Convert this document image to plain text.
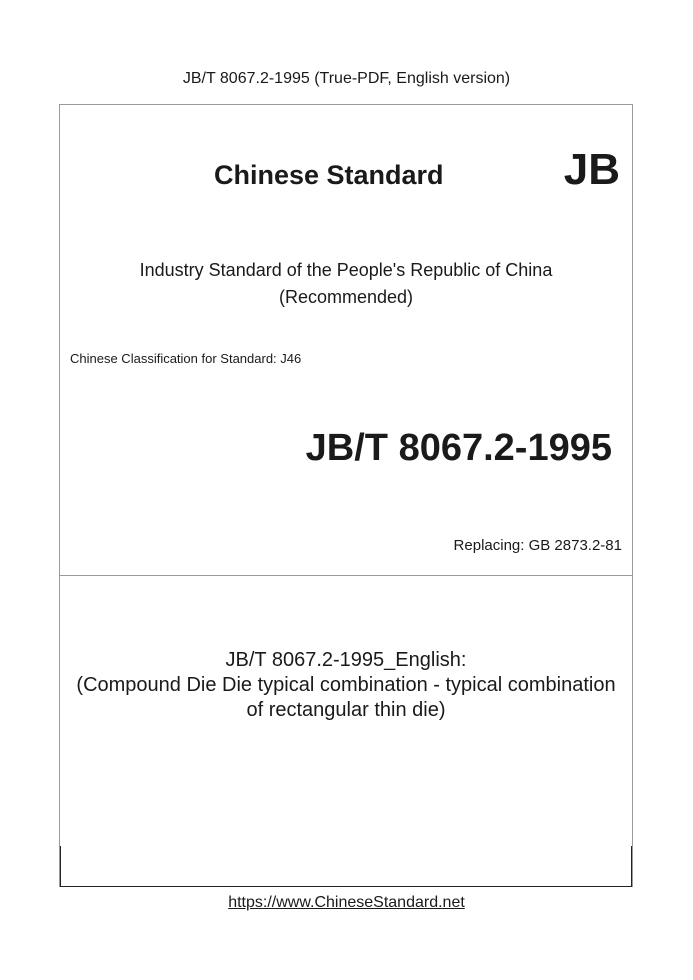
JB/T 8067.2-1995 (True-PDF, English version)
Chinese Standard	JB
Industry Standard of the People's Republic of China
(Recommended)
Chinese Classification for Standard: J46
JB/T 8067.2-1995
Replacing: GB 2873.2-81
JB/T 8067.2-1995_English:
(Compound Die Die typical combination - typical combination
of rectangular thin die)
https://www.ChineseStandard.net
